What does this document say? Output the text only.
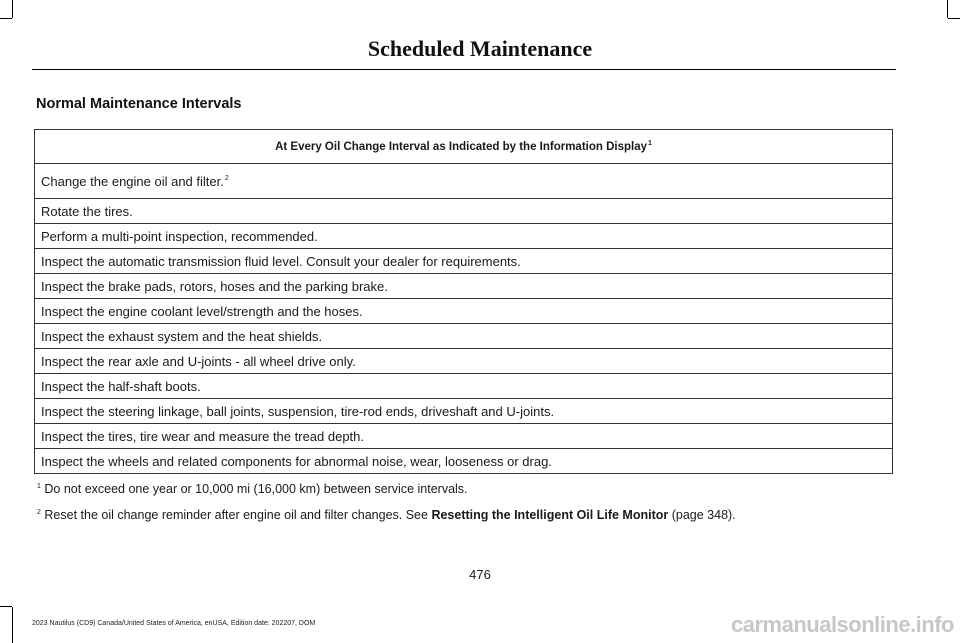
Scheduled Maintenance
Normal Maintenance Intervals
At Every Oil Change Interval as Indicated by the Information Display$^1$
Change the engine oil and filter.$^2$
Rotate the tires.
Perform a multi-point inspection, recommended.
Inspect the automatic transmission fluid level. Consult your dealer for requirements.
Inspect the brake pads, rotors, hoses and the parking brake.
Inspect the engine coolant level/strength and the hoses.
Inspect the exhaust system and the heat shields.
Inspect the rear axle and U-joints - all wheel drive only.
Inspect the half-shaft boots.
Inspect the steering linkage, ball joints, suspension, tire-rod ends, driveshaft and U-joints.
Inspect the tires, tire wear and measure the tread depth.
Inspect the wheels and related components for abnormal noise, wear, looseness or drag.
$^1$ Do not exceed one year or 10,000 mi (16,000 km) between service intervals.
$^2$ Reset the oil change reminder after engine oil and filter changes. See Resetting the Intelligent Oil Life Monitor (page 348).
476
2023 Nautilus (CD9) Canada/United States of America, enUSA, Edition date: 202207, DOM	carmanualsonline.info
